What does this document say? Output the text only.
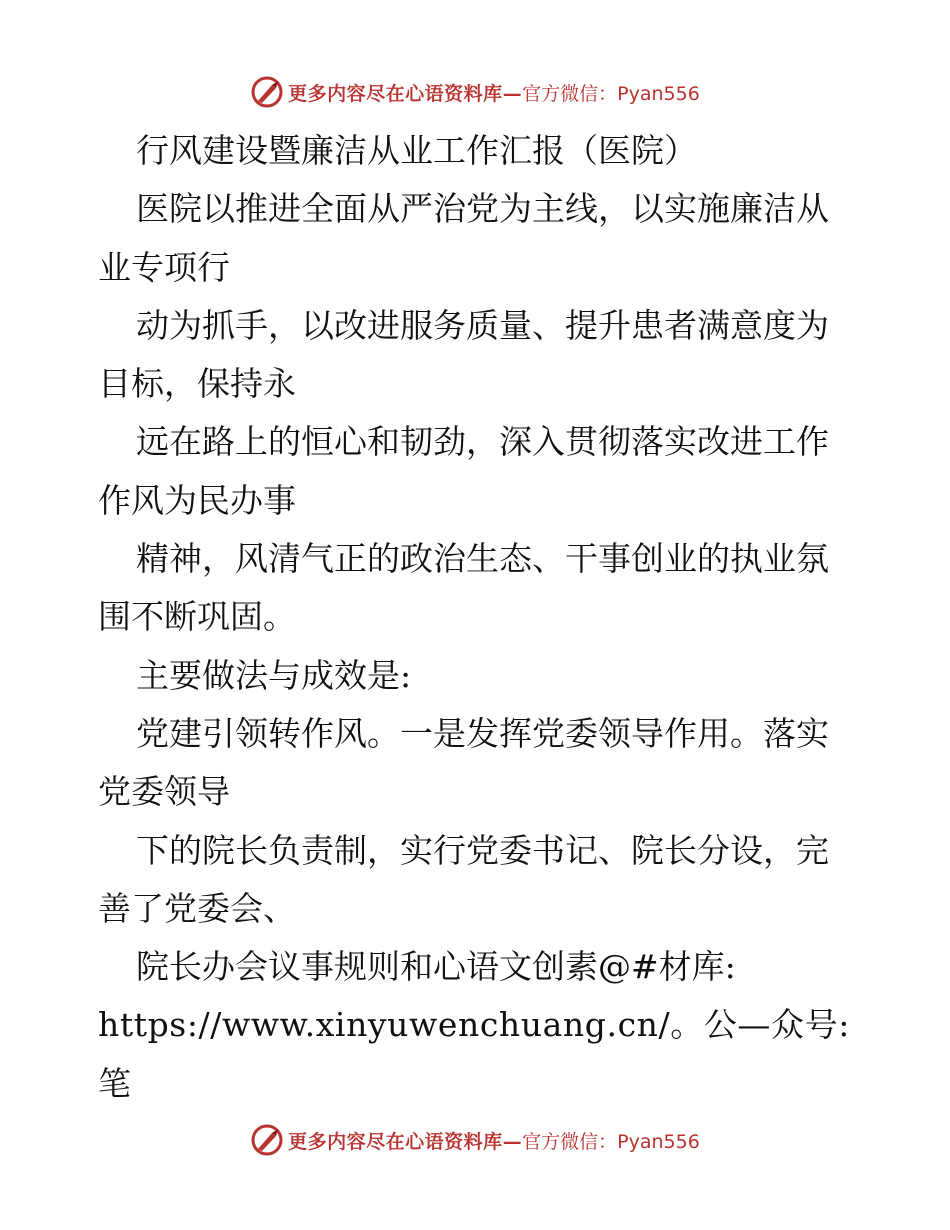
更多内容尽在心语资料库— 官方微信：Pyan556

行风建设暨廉洁从业工作汇报（医院）

医院以推进全面从严治党为主线，以实施廉洁从业专项行

动为抓手，以改进服务质量、提升患者满意度为目标，保持永

远在路上的恒心和韧劲，深入贯彻落实改进工作作风为民办事

精神，风清气正的政治生态、干事创业的执业氛围不断巩固。

主要做法与成效是:

党建引领转作风。一是发挥党委领导作用。落实党委领导

下的院长负责制，实行党委书记、院长分设，完善了党委会、

院长办会议事规则和心语文创素@#材库:

https://www.xinyuwenchuang.cn/。公—众号: 笔

更多内容尽在心语资料库— 官方微信：Pyan556
